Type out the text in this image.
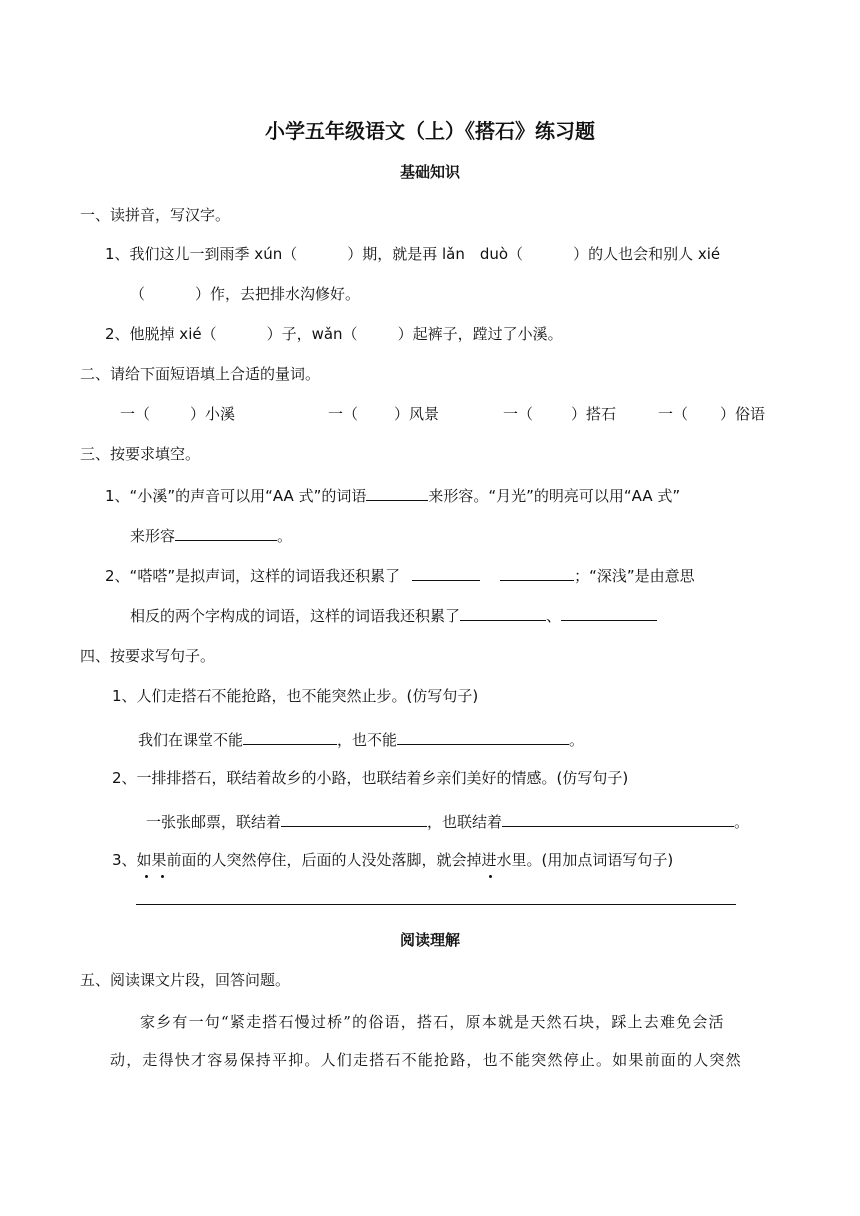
小学五年级语文（上）《搭石》练习题
基础知识
一、读拼音，写汉字。
1、我们这儿一到雨季 xún（	）期，就是再 lǎn　duò（	）的人也会和别人 xié
（	）作，去把排水沟修好。
2、他脱掉 xié（	）子，wǎn（	）起裤子，蹚过了小溪。
二、请给下面短语填上合适的量词。
一（	）小溪	一（ ）风景	一（	）搭石	一（ ）俗语
三、按要求填空。
1、“小溪”的声音可以用“AA 式”的词语	来形容。“月光”的明亮可以用“AA 式”
来形容	。
2、“嗒嗒”是拟声词，这样的词语我还积累了	；“深浅”是由意思
相反的两个字构成的词语，这样的词语我还积累了	、
四、按要求写句子。
1、人们走搭石不能抢路，也不能突然止步。(仿写句子)
我们在课堂不能	，也不能	。
2、一排排搭石，联结着故乡的小路，也联结着乡亲们美好的情感。(仿写句子)
一张张邮票，联结着	，也联结着	。
3、如果前面的人突然停住，后面的人没处落脚，就会掉进水里。(用加点词语写句子)
阅读理解
五、阅读课文片段，回答问题。
家乡有一句“紧走搭石慢过桥”的俗语，搭石，原本就是天然石块，踩上去难免会活
动，走得快才容易保持平抑。人们走搭石不能抢路，也不能突然停止。如果前面的人突然
